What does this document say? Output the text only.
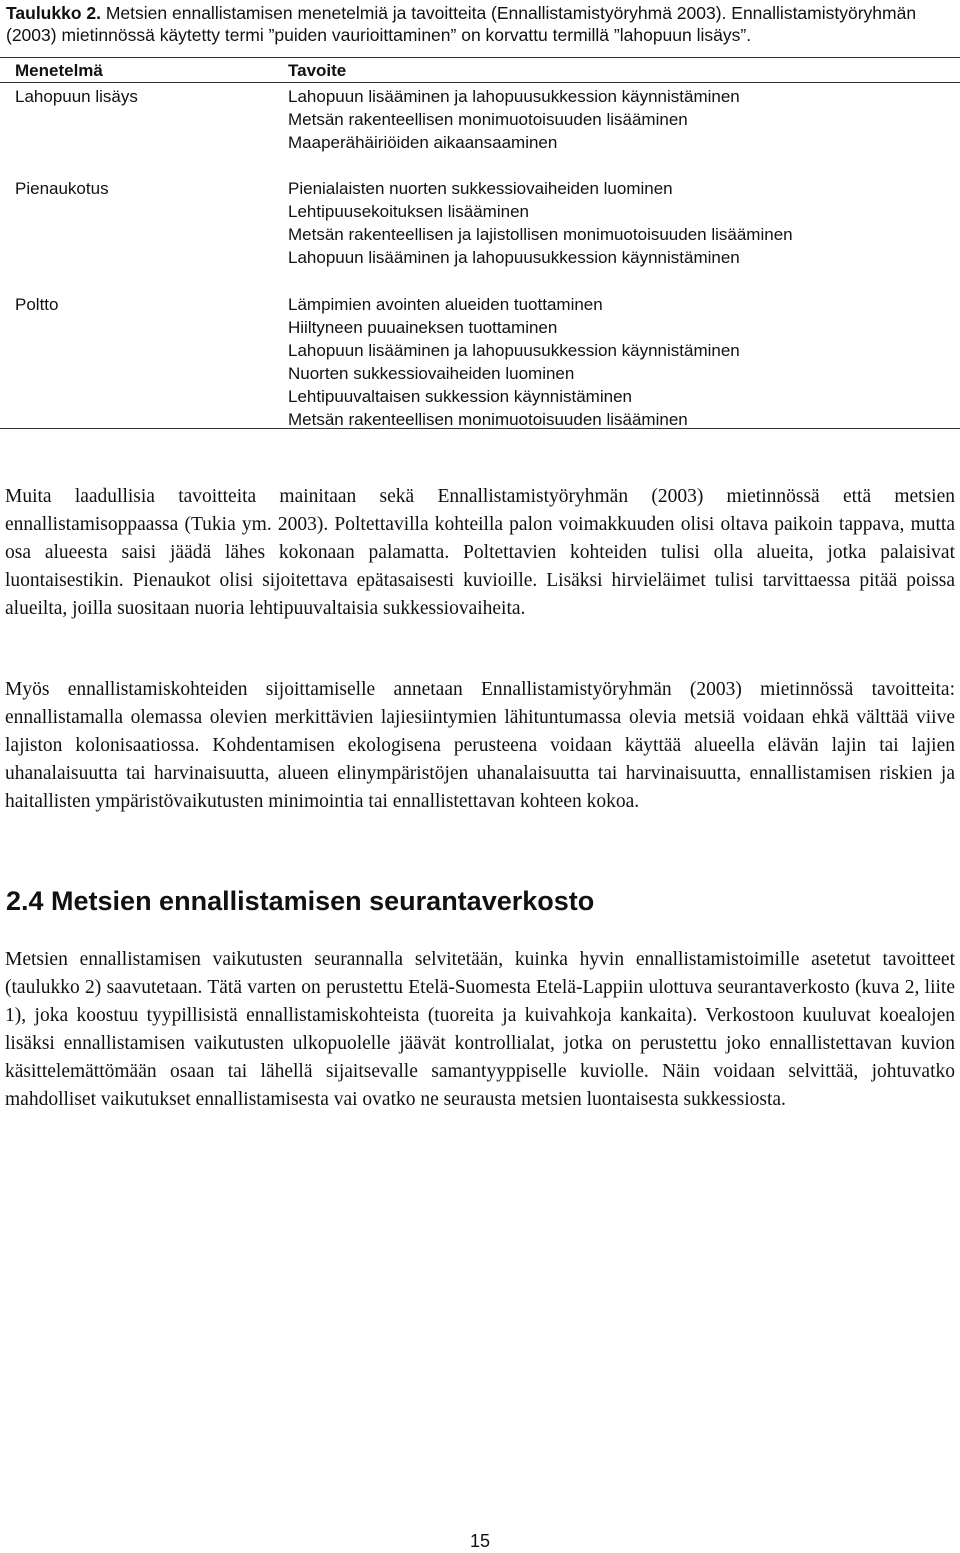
Taulukko 2. Metsien ennallistamisen menetelmiä ja tavoitteita (Ennallistamistyöryhmä 2003). Ennallistamistyöryhmän (2003) mietinnössä käytetty termi ”puiden vaurioittaminen” on korvattu termillä ”lahopuun lisäys”.
Menetelmä	Tavoite
Lahopuun lisäys	Lahopuun lisääminen ja lahopuusukkession käynnistäminen
Metsän rakenteellisen monimuotoisuuden lisääminen
Maaperähäiriöiden aikaansaaminen
Pienaukotus	Pienialaisten nuorten sukkessiovaiheiden luominen
Lehtipuusekoituksen lisääminen
Metsän rakenteellisen ja lajistollisen monimuotoisuuden lisääminen
Lahopuun lisääminen ja lahopuusukkession käynnistäminen
Poltto	Lämpimien avointen alueiden tuottaminen
Hiiltyneen puuaineksen tuottaminen
Lahopuun lisääminen ja lahopuusukkession käynnistäminen
Nuorten sukkessiovaiheiden luominen
Lehtipuuvaltaisen sukkession käynnistäminen
Metsän rakenteellisen monimuotoisuuden lisääminen

Muita laadullisia tavoitteita mainitaan sekä Ennallistamistyöryhmän (2003) mietinnössä että metsien ennallistamisoppaassa (Tukia ym. 2003). Poltettavilla kohteilla palon voimakkuuden olisi oltava paikoin tappava, mutta osa alueesta saisi jäädä lähes kokonaan palamatta. Poltettavien kohteiden tulisi olla alueita, jotka palaisivat luontaisestikin. Pienaukot olisi sijoitettava epätasaisesti kuvioille. Lisäksi hirvieläimet tulisi tarvittaessa pitää poissa alueilta, joilla suositaan nuoria lehtipuuvaltaisia sukkessiovaiheita.

Myös ennallistamiskohteiden sijoittamiselle annetaan Ennallistamistyöryhmän (2003) mietinnössä tavoitteita: ennallistamalla olemassa olevien merkittävien lajiesiintymien lähituntumassa olevia metsiä voidaan ehkä välttää viive lajiston kolonisaatiossa. Kohdentamisen ekologisena perusteena voidaan käyttää alueella elävän lajin tai lajien uhanalaisuutta tai harvinaisuutta, alueen elinympäristöjen uhanalaisuutta tai harvinaisuutta, ennallistamisen riskien ja haitallisten ympäristövaikutusten minimointia tai ennallistettavan kohteen kokoa.

2.4 Metsien ennallistamisen seurantaverkosto

Metsien ennallistamisen vaikutusten seurannalla selvitetään, kuinka hyvin ennallistamistoimille asetetut tavoitteet (taulukko 2) saavutetaan. Tätä varten on perustettu Etelä-Suomesta Etelä-Lappiin ulottuva seurantaverkosto (kuva 2, liite 1), joka koostuu tyypillisistä ennallistamiskohteista (tuoreita ja kuivahkoja kankaita). Verkostoon kuuluvat koealojen lisäksi ennallistamisen vaikutusten ulkopuolelle jäävät kontrollialat, jotka on perustettu joko ennallistettavan kuvion käsittelemättömään osaan tai lähellä sijaitsevalle samantyyppiselle kuviolle. Näin voidaan selvittää, johtuvatko mahdolliset vaikutukset ennallistamisesta vai ovatko ne seurausta metsien luontaisesta sukkessiosta.

15
